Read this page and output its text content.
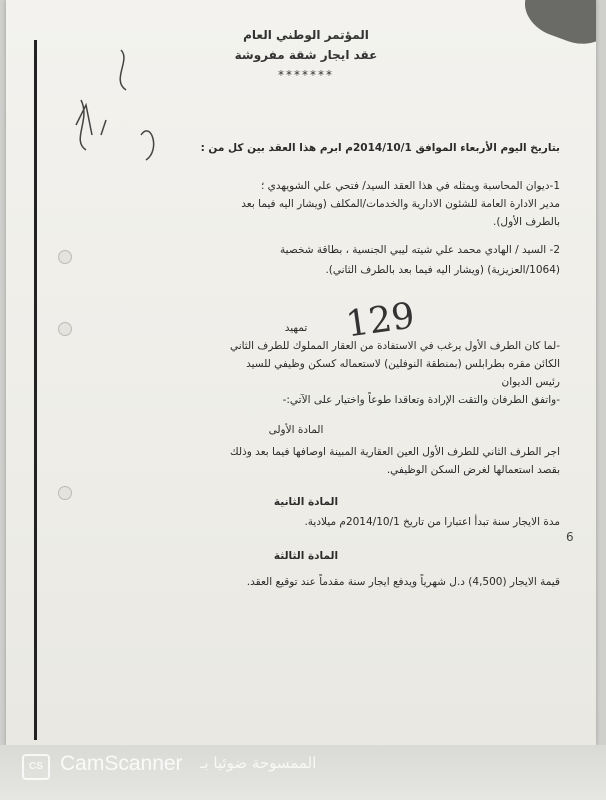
المؤتمر الوطني العام
عقد ايجار شقة مفروشة
*******
بتاريخ اليوم الأربعاء الموافق 2014/10/1م ابرم هذا العقد بين كل من :
1-ديوان المحاسبة ويمثله في هذا العقد السيد/ فتحي علي الشويهدي ؛
مدير الادارة العامة للشئون الادارية والخدمات/المكلف (ويشار اليه فيما بعد
بالطرف الأول).
2- السيد / الهادي محمد علي شيته ليبي الجنسية ، بطاقة شخصية
(1064/العزيزية) (ويشار اليه فيما بعد بالطرف الثاني).
129
تمهيد
-لما كان الطرف الأول يرغب في الاستفادة من العقار المملوك للطرف الثاني
الكائن مقره بطرابلس (بمنطقة النوفلين) لاستعماله كسكن وظيفي للسيد
رئيس الديوان
-واتفق الطرفان والتقت الإرادة وتعاقدا طوعاً واختيار على الآتي:-
المادة الأولى
اجر الطرف الثاني للطرف الأول العين العقارية المبينة اوصافها فيما بعد وذلك
بقصد استعمالها لغرض السكن الوظيفي.
المادة الثانية
مدة الايجار سنة تبدأ اعتبارا من تاريخ 2014/10/1م ميلادية.
6
المادة الثالثة
قيمة الايجار (4,500) د.ل شهرياً ويدفع ايجار سنة مقدماً عند توقيع العقد.
CS CamScanner الممسوحة ضوئيا بـ
